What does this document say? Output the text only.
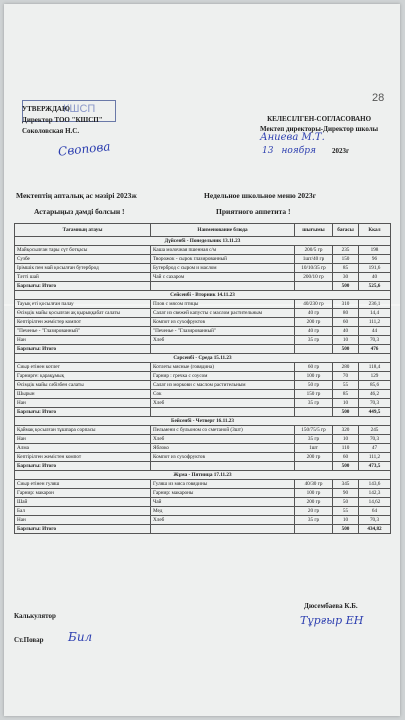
28
КШСП
УТВЕРЖДАЮ
Директор ТОО "КШСП"
Соколовская Н.С.
Свопова
КЕЛЕСІЛГЕН-СОГЛАСОВАНО
Мектеп директоры-Директор школы
Аниева М.Т.
13 ноября 2023г
Мектептің апталық ас мәзірі 2023ж
Астарыңыз дәмді болсын !
Недельное школьное меню 2023г
Приятного аппетита !
Тағамның атауы	Наименование блюда	шығымы	бағасы	Ккал
Дүйсенбі - Понедельник 13.11.23				
Майқосылған тары сүт ботқасы	Каша молочная пшенная с/м	200/5 гр	235	198
Сузбе	Творожок - сырок глазированный	1шт/40 гр	150	96
Ірімшік пен май қосылған бутерброд	Бутерброд с сыром и маслом	10/10/35 гр	85	191,6
Тәтті шай	Чай с сахаром	200/10 гр	30	40
Барлығы: Итого			500	525,6
Сейсенбі - Вторник 14.11.23				
Тауық еті қосылған палау	Плов с мясом птицы	40/230 гр	310	236,1
Өсімдік майы қосылған ақ қырыққабат салаты	Салат из свежей капусты с маслом растительным	40 гр	80	14,4
Кептірілген жемістер компот	Компот из сухофруктов	200 гр	60	111,2
"Печенье - "Глазированный"	"Печенье - "Глазированный"	40 гр	40	44
Нан	Хлеб	35 гр	10	70,3
Барлығы: Итого			500	476
Сәрсенбі - Среда 15.11.23				
Сиыр етінен котлет	Котлеты мясные (говядина)	60 гр	280	118,4
Гарнирге: қарақұмық	Гарнир : гречка с соусом	100 гр	70	129
Өсімдік майы сәбізбен салаты	Салат из моркови с маслом растительным	50 гр	55	85,6
Шырын	Сок	150 гр	85	46,2
Нан	Хлеб	35 гр	10	70,3
Барлығы: Итого			500	449,5
Бейсенбі - Четверг 16.11.23				
Қаймақ қосылған тұшпара сорпасы	Пельмени с бульоном со сметаной (Зшт)	150/75/5 гр	320	245
Нан	Хлеб	35 гр	10	70,3
Алма	Яблоко	1шт	110	47
Кептірілген жемістен компот	Компот из сухофруктов	200 гр	60	111,2
Барлығы: Итого			500	473,5
Жұма - Пятница 17.11.23				
Сиыр етінен гуляш	Гуляш из мяса говядины	40/30 гр	345	143,6
Гарнир: макарон	Гарнир: макароны	100 гр	90	142,3
Шай	Чай	200 гр	50	14,62
Бал	Мед	20 гр	55	64
Нан	Хлеб	35 гр	10	70,3
Барлығы: Итого			500	434,82
Калькулятор
Дюсембаева К.Б.
Тұрғыр ЕН
Ст.Повар Бил
